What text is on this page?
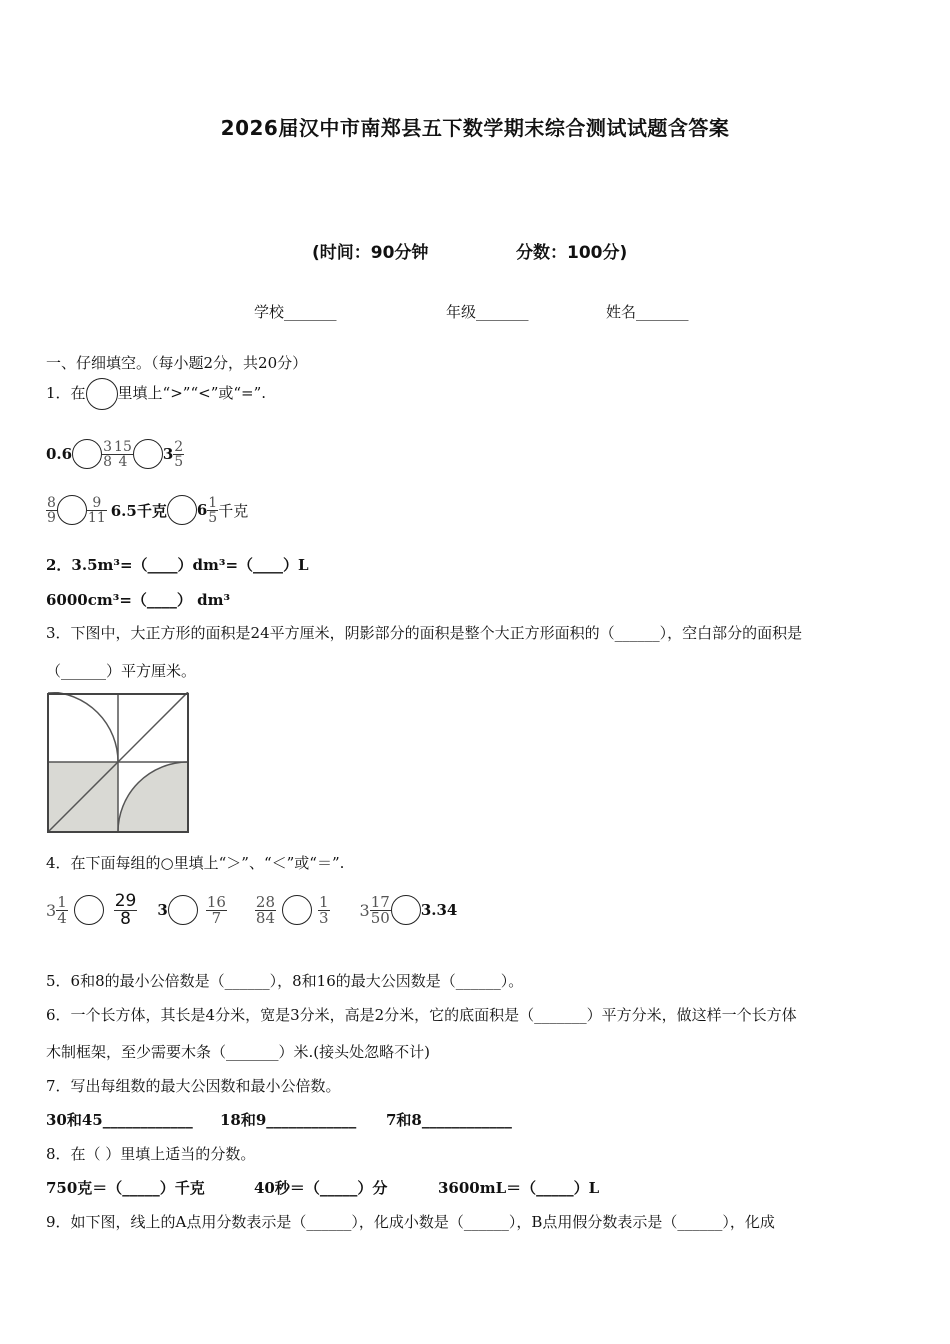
2026届汉中市南郑县五下数学期末综合测试试题含答案
(时间：90分钟	分数：100分)
学校_______	年级_______	姓名_______
一、仔细填空。（每小题2分，共20分）
1．在 里填上“>”“<”或“=”.
$0.6 \frac{3}{8} \frac{15}{4} 3 \frac{2}{5}$
$\frac{8}{9} \frac{9}{11} 6.5$千克 $6 \frac{1}{5}$ 千克
2．3.5m³=（____）dm³=（____）L
6000cm³=（____） dm³
3．下图中，大正方形的面积是24平方厘米，阴影部分的面积是整个大正方形面积的（______），空白部分的面积是
（______）平方厘米。
4．在下面每组的○里填上“＞”、“＜”或“＝”.
$3 \frac{1}{4}$	$\frac{29}{8} 3$	$\frac{16}{7} \frac{28}{84}$	$\frac{1}{3} 3 \frac{17}{50} 3.34$
5．6和8的最小公倍数是（______），8和16的最大公因数是（______）。
6．一个长方体，其长是4分米，宽是3分米，高是2分米，它的底面积是（_______）平方分米，做这样一个长方体
木制框架，至少需要木条（_______）米.(接头处忽略不计)
7．写出每组数的最大公因数和最小公倍数。
30和45____________ 18和9____________ 7和8____________
8．在（ ）里填上适当的分数。
750克＝（_____）千克	40秒＝（_____）分	3600mL＝（_____）L
9．如下图，线上的A点用分数表示是（______），化成小数是（______），B点用假分数表示是（______），化成
